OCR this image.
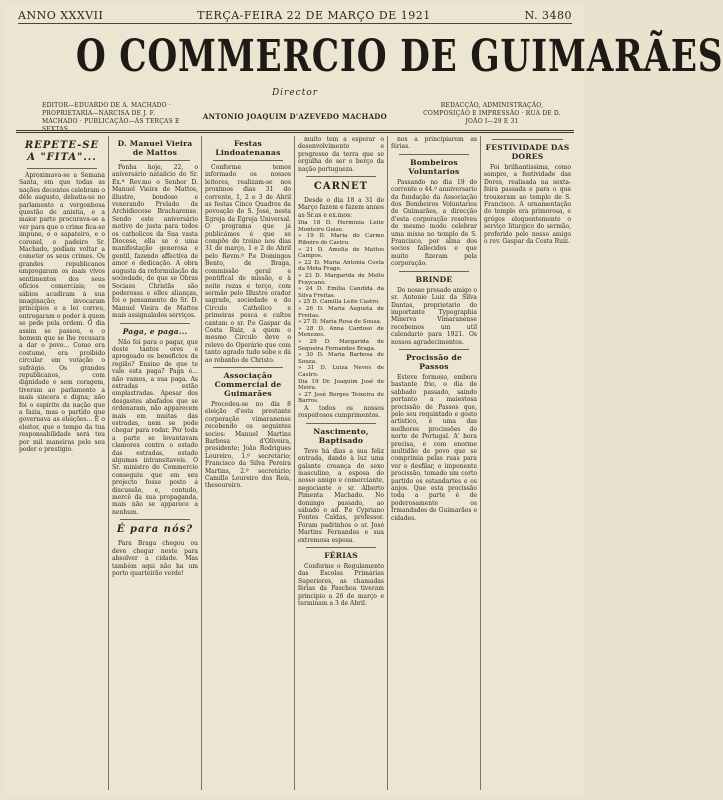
ANNO XXXVII	TERÇA-FEIRA 22 DE MARÇO DE 1921	N. 3480
O COMMERCIO DE GUIMARÃES
Director
EDITOR—EDUARDO DE A. MACHADO · PROPRIETARIA—NARCISA DE J. F. MACHADO · PUBLICAÇÃO—ÁS TERÇAS E SEXTAS
ANTONIO JOAQUIM D'AZEVEDO MACHADO
REDACÇÃO, ADMINISTRAÇÃO, COMPOSIÇÃO E IMPRESSÃO · RUA DE D. JOÃO I—29 E 31
REPETE-SE A "FITA"...

Aproximava-se a Semana Santa, em que todas as nações decentes celebram o dêle augusto, debatia-se no parlamento a vergonhosa questão de anistia, e a maior parte procurava-se a ver para que o crime fica-se impune, e o sapateiro, e o coronel, o padeiro Sr. Machado, podiam voltar a cometer os seus crimes. Os grandes republicanos empregaram os mais vivos sentimentos dos seus ofícios comerciais; os sábios acudiram à sua imaginação; invocaram princípios e a lei correu, entregaram o poder à quem se pede pela ordem. O dia assim se passou, e o homem que se lhe recusara a dar o povo... Como era costume, era proibido circular em votação o sufrágio. Os grandes republicanos, com dignidade e sem coragem, tiveram ao parlamento a mais sincera e digna; não foi o espírito da nação que a fazia, mas o partido que governava as eleições... E o eleitor, que o tempo da tua responsabilidade será teu por mil maneiras pelo seu poder e prestígio.

D. Manuel Vieira de Mattos

Ponha hoje, 22, o aniversário natalício do Sr. Ex.ª Rev.mo o Senhor D. Manuel Vieira de Mattos, illustre, bondoso e venerando Prelado da Archidiocese Bracharense. Sendo este aniversário motivo de justa para todos os catholicos da Sua vasta Diocese, ella se é uma manifestação generosa e gentil, fazendo affectiva de amor e dedicação. A obra augusta da reformulação da sociedade, de que se Obras Sociaes Christãs são poderosas e elles alianças, foi o pensamento do Sr. D. Manuel Vieira de Mattos mais assignalados serviços.

Paga, e paga...

Não foi para o pagar, que deste tantos ores e apregoado os beneficios da região? Ensino de que te vale esta paga? Paga é... não vamos, a sua paga. As estradas estão emplastradas. Apesar dos desgastes abafados que se ordenaram, não apparecem mais em muitas das estradas, nem se pode chegar para rodar. Por toda a parte se levantavam clamores contra o estado das estradas, estado algumas intransitaveis. O Sr. ministro do Commercio conseguiu que em seu projecto fosse posto á discussão, e, contudo, mercê da sua propaganda, mais não se apparece a nenhum.

É para nós?

Para Braga chegou ou deve chegar neste para absolver a cidade. Mas também aqui não ha um porto quarteirão verde!

Festas Lindoatenanas

Conforme temos informado os nossos leitores, realizam-se nos proximos dias 31 do corrente, 1, 2 e 3 de Abril as festas Cinco Quadros da povoação de S. José, nesta Egreja da Egreja Universal. O programa que já publicámos é que se compõe de treino nos dias 31 de março, 1 e 2 de Abril pelo Revm.º P.e Domingos Bento, de Braga, commissão geral e pontifical de missão, e à noite rezas e terço, com sermão pelo Illustre orador sagrado, sociedade e do Circulo Catholico e primeiras pesca e cultos cantam o sr. P.e Gaspar da Costa Ruiz, a quem o mesmo Circulo deve o relevo do Operário que com tanto agrado tudo sobe e dá ao rebanho de Christo.

Associação Commercial de Guimarães

Procedeu-se no dia 8 eleição d'esta prestante corporação vimaranense recebendo os seguintes socios: Manuel Martins Barbosa d'Oliveira, presidente; João Rodrigues Loureiro, 1.º secretário; Francisco da Silva Pereira Martins, 2.º secretário; Camillo Loureiro dos Reis, thesoureiro.

muito tem a esperar o desenvolvimento e progresso da terra que se orgulha de ser o berço da nação portugueza.

CARNET

Desde o dia 18 a 31 de Março fazem e fazem annos as Sr.as e ex.mos:

Dia 18 D. Herminia Leite Monteiro Guise.
» 19 D. Maria do Carmo Ribeiro de Castro.
» 21 D. Amelia de Mattos Campos.
» 22 D. Maria Antonia Costa da Mota Frage.
» 23 D. Margarida de Mello Fraycano.
» 24 D. Emilia Candida da Silva Freitas.
» 25 D. Camilla Leite Castro.
» 26 D. Maria Augusta de Freitas.
» 27 D. Maria Rosa de Sousa.
» 28 D. Anna Cardoso de Menezes.
» 29 D. Margarida de Sequeira Fernandes Braga.
» 30 D. Maria Barbosa de Souza.
» 31 D. Luiza Neves de Castro.
Dia 19 Dr. Joaquim José de Meira.
» 27 José Borges Teixeira de Barros.

A todos os nossos respeitosos cumprimentos.

Nascimento, Baptisado

Teve há dias a sua feliz entrada, dando à luz uma galante creança do sexo masculino, a esposa do nosso amigo e comerciante, negociante o sr. Alberto Pimenta Machado. No domingo passado, ao sábado o ad. P.e Cypriano Fontes Caldas, professor. Foram padrinhos o sr. José Martins Fernandes e sua extremosa esposa.

FÉRIAS

Conforme o Regulamento das Escolas Primárias Superiores, as chamadas férias da Paschoa tiveram principio a 26 de março e terminam a 3 de Abril.

nos a principiarem as férias.

Bombeiros Voluntarios

Passando no dia 19 do corrente o 44.º anniversario da fundação da Associação dos Bombeiros Voluntarios de Guimarães, a direcção d'esta corporação resolveu de mesmo modo celebrar uma missa no templo de S. Francisco, por alma dos socios fallecidos e que muito fizeram pela corporação.

BRINDE

Do nosso presado amigo o sr. Antonio Luiz da Silva Dantas, proprietario do importante Typographia Minerva Vimaranense recebemos um util calendario para 1921. Os nossos agradecimentos.

Procissão de Passos

Esteve formoso, embora bastante frio, o dia de sabbado passado, saindo portanto a maiestosa procissão de Passos que, pelo seu requintado e gosto artístico, é uma das melhores procissões do norte de Portugal. A' hora precisa, e com enorme multidão de povo que se comprimia pelas ruas para ver e desfilar, o imponente procissão, tomado um certo partido os estandartes e os anjos. Que esta procissão toda a parte é de poderosamente os Irmandades de Guimarães e cidades.

FESTIVIDADE DAS DORES

Foi brilhantissima, como sempre, a festividade das Dores, realisada na sexta-feira passada e para o que trouxeram ao templo de S. Francisco. A ornamentação do templo era primorosa, e grégos eloquentemente o serviço liturgico do sermão, proferido pelo nosso amigo o rev. Gaspar da Costa Ruiz.
